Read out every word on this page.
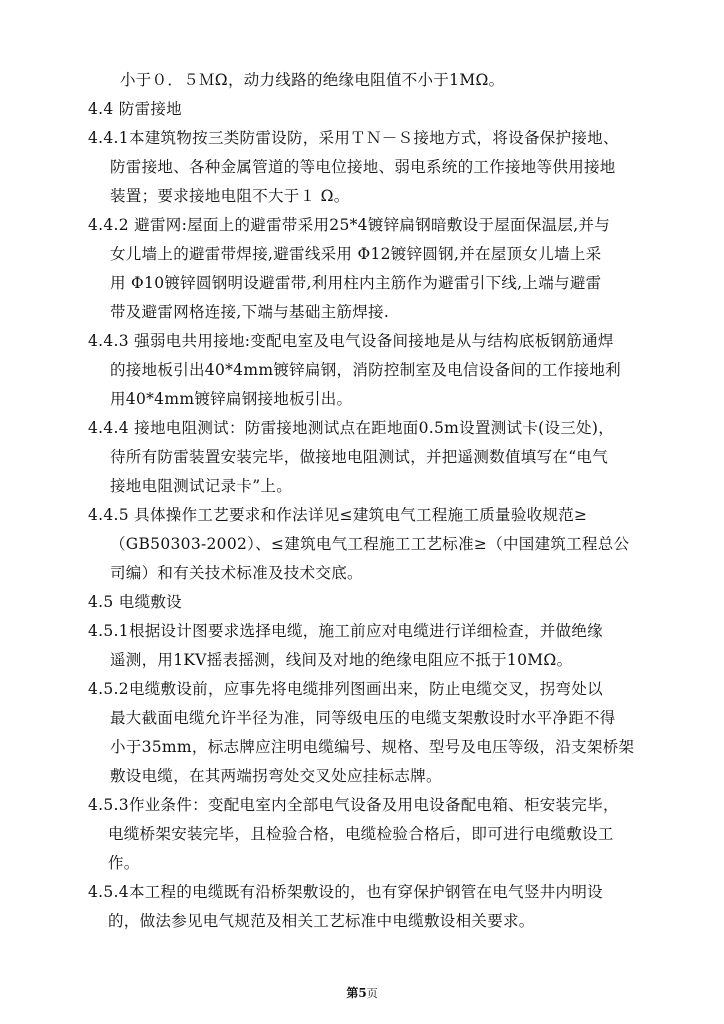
小于０．５ＭΩ，动力线路的绝缘电阻值不小于1MΩ。
4.4 防雷接地
4.4.1本建筑物按三类防雷设防，采用ＴＮ－Ｓ接地方式，将设备保护接地、
防雷接地、各种金属管道的等电位接地、弱电系统的工作接地等供用接地
装置；要求接地电阻不大于１ Ω。
4.4.2 避雷网:屋面上的避雷带采用25*4镀锌扁钢暗敷设于屋面保温层,并与
女儿墙上的避雷带焊接,避雷线采用 Φ12镀锌圆钢,并在屋顶女儿墙上采
用 Φ10镀锌圆钢明设避雷带,利用柱内主筋作为避雷引下线,上端与避雷
带及避雷网格连接,下端与基础主筋焊接.
4.4.3 强弱电共用接地:变配电室及电气设备间接地是从与结构底板钢筋通焊
的接地板引出40*4mm镀锌扁钢，消防控制室及电信设备间的工作接地利
用40*4mm镀锌扁钢接地板引出。
4.4.4 接地电阻测试：防雷接地测试点在距地面0.5m设置测试卡(设三处)，
待所有防雷装置安装完毕，做接地电阻测试，并把遥测数值填写在“电气
接地电阻测试记录卡”上。
4.4.5 具体操作工艺要求和作法详见≤建筑电气工程施工质量验收规范≥
（GB50303-2002）、≤建筑电气工程施工工艺标准≥（中国建筑工程总公
司编）和有关技术标准及技术交底。
4.5 电缆敷设
4.5.1根据设计图要求选择电缆，施工前应对电缆进行详细检查，并做绝缘
遥测，用1KV摇表摇测，线间及对地的绝缘电阻应不抵于10MΩ。
4.5.2电缆敷设前，应事先将电缆排列图画出来，防止电缆交叉，拐弯处以
最大截面电缆允许半径为准，同等级电压的电缆支架敷设时水平净距不得
小于35mm，标志牌应注明电缆编号、规格、型号及电压等级，沿支架桥架
敷设电缆，在其两端拐弯处交叉处应挂标志牌。
4.5.3作业条件：变配电室内全部电气设备及用电设备配电箱、柜安装完毕，
电缆桥架安装完毕，且检验合格，电缆检验合格后，即可进行电缆敷设工
作。
4.5.4本工程的电缆既有沿桥架敷设的，也有穿保护钢管在电气竖井内明设
的，做法参见电气规范及相关工艺标准中电缆敷设相关要求。
第5页
